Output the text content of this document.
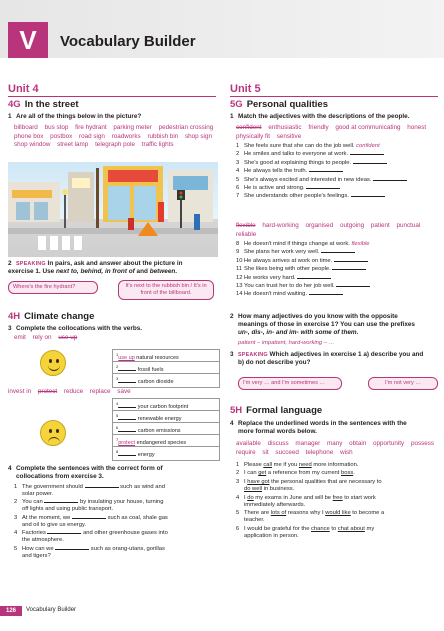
V	Vocabulary Builder
Unit 4
4G In the street
1 Are all of the things below in the picture?
billboard bus stop fire hydrant parking meter pedestrian crossing phone box postbox road sign roadworks rubbish bin shop sign shop window street lamp telegraph pole traffic lights
2 SPEAKING In pairs, ask and answer about the picture in
exercise 1. Use next to, behind, in front of and between.
Where's the fire hydrant?	It's next to the rubbish bin / It's in front of the billboard.
4H Climate change
3 Complete the collocations with the verbs.
emit rely on use up
$^1$use up natural resources
$^2$ fossil fuels
$^3$ carbon dioxide
invest in protect reduce replace save
$^4$ your carbon footprint
$^5$ renewable energy
$^6$ carbon emissions
$^7$protect endangered species
$^8$ energy
4 Complete the sentences with the correct form of
collocations from exercise 3.
1 The government should	such as wind and
solar power.
2 You can	by insulating your house, turning
off lights and using public transport.
3 At the moment, we	such as coal, shale gas
and oil to give us energy.
4 Factories	and other greenhouse gases into
the atmosphere.
5 How can we	such as orang-utans, gorillas
and tigers?
Unit 5
5G Personal qualities
1 Match the adjectives with the descriptions of the people.
confident enthusiastic friendly good at communicating honest physically fit sensitive
1 She feels sure that she can do the job well. confident
2 He smiles and talks to everyone at work.
3 She's good at explaining things to people.
4 He always tells the truth.
5 She's always excited and interested in new ideas.
6 He is active and strong.
7 She understands other people's feelings.
flexible hard-working organised outgoing patient punctual reliable
8 He doesn't mind if things change at work. flexible
9 She plans her work very well.
10 He always arrives at work on time.
11 She likes being with other people.
12 He works very hard.
13 You can trust her to do her job well.
14 He doesn't mind waiting.
2 How many adjectives do you know with the opposite
meanings of those in exercise 1? You can use the prefixes
un-, dis-, in- and im- with some of them.
patient – impatient, hard-working – …
3 SPEAKING Which adjectives in exercise 1 a) describe you and
b) do not describe you?
I'm very … and I'm sometimes …	I'm not very …
5H Formal language
4 Replace the underlined words in the sentences with the
more formal words below.
available discuss manager many obtain opportunity possess require sit succeed telephone wish
1 Please call me if you need more information.
2 I can get a reference from my current boss.
3 I have got the personal qualities that are necessary to
do well in business.
4 I do my exams in June and will be free to start work
immediately afterwards.
5 There are lots of reasons why I would like to become a
teacher.
6 I would be grateful for the chance to chat about my
application in person.
126	Vocabulary Builder
